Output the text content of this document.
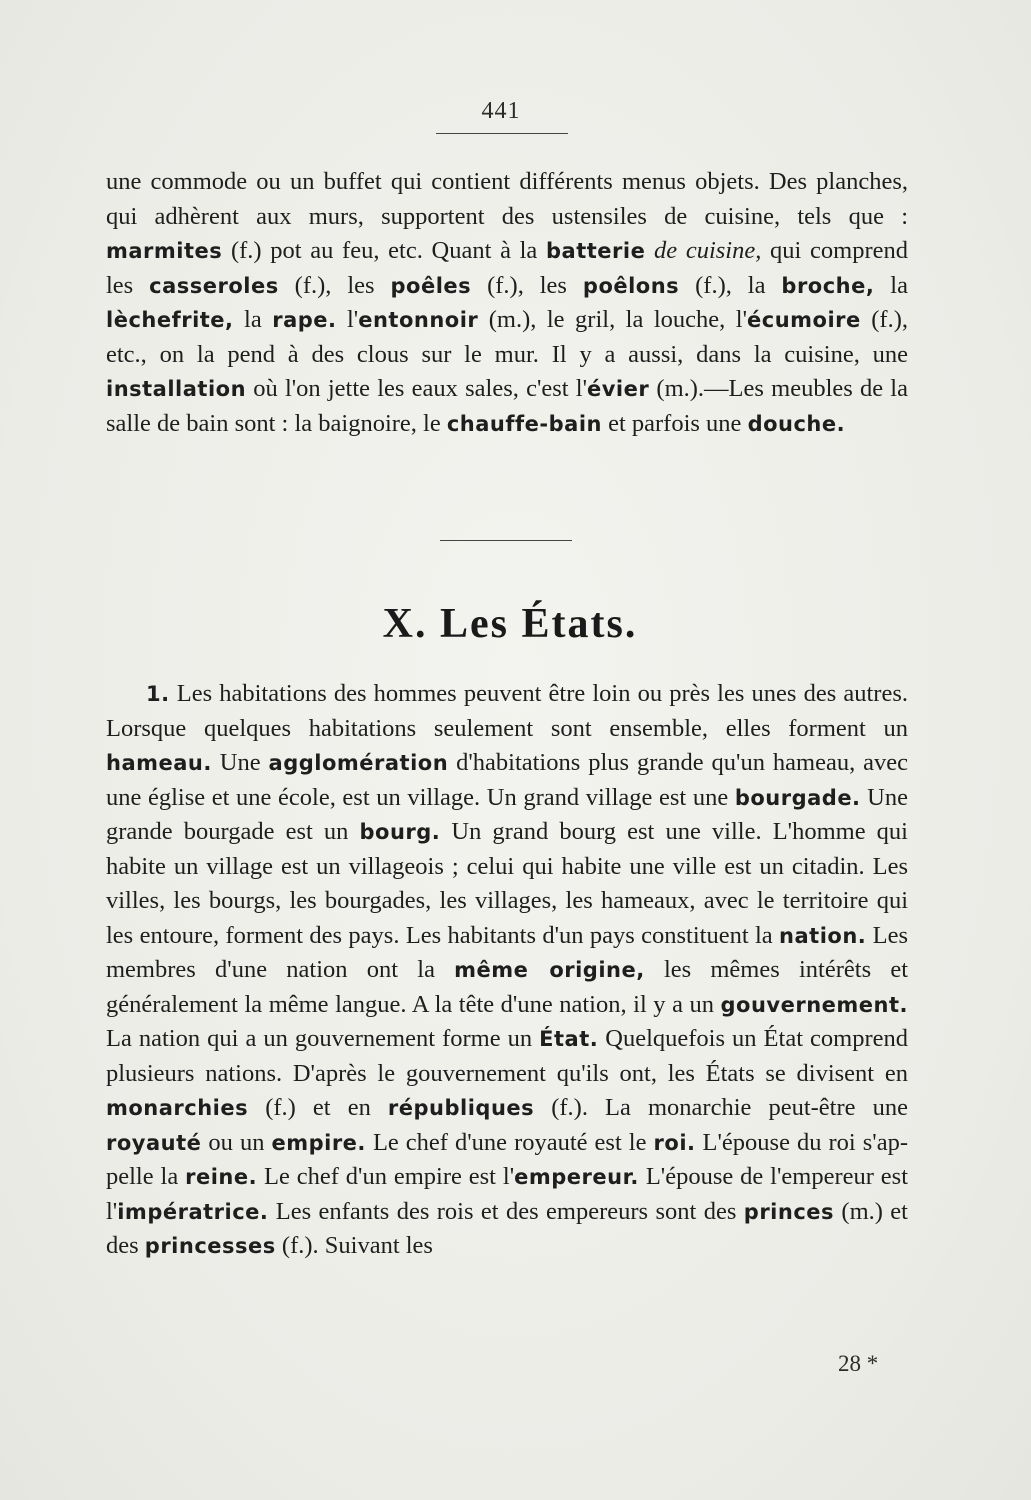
441

une commode ou un buffet qui contient différents menus objets. Des planches, qui adhèrent aux murs, supportent des ustensiles de cuisine, tels que : marmites (f.) pot au feu, etc. Quant à la batterie de cuisine, qui comprend les casseroles (f.), les poêles (f.), les poêlons (f.), la broche, la lèchefrite, la rape. l'entonnoir (m.), le gril, la louche, l'écumoire (f.), etc., on la pend à des clous sur le mur. Il y a aussi, dans la cuisine, une installation où l'on jette les eaux sales, c'est l'évier (m.).—Les meubles de la salle de bain sont : la baignoire, le chauffe-bain et parfois une douche.

X. Les États.

1. Les habitations des hommes peuvent être loin ou près les unes des autres. Lorsque quelques habitations seulement sont ensemble, elles forment un hameau. Une agglomération d'habitations plus grande qu'un hameau, avec une église et une école, est un village. Un grand village est une bourgade. Une grande bourgade est un bourg. Un grand bourg est une ville. L'homme qui habite un village est un villageois ; celui qui habite une ville est un citadin. Les villes, les bourgs, les bourgades, les villages, les hameaux, avec le territoire qui les entoure, forment des pays. Les habitants d'un pays constituent la nation. Les membres d'une nation ont la même origine, les mêmes intérêts et généralement la même langue. A la tête d'une nation, il y a un gouvernement. La nation qui a un gouvernement forme un État. Quelquefois un État comprend plusieurs nations. D'après le gouvernement qu'ils ont, les États se divisent en monarchies (f.) et en républiques (f.). La monarchie peut-être une royauté ou un empire. Le chef d'une royauté est le roi. L'épouse du roi s'appelle la reine. Le chef d'un empire est l'empereur. L'épouse de l'empereur est l'impératrice. Les enfants des rois et des empereurs sont des princes (m.) et des princesses (f.). Suivant les

28 *
